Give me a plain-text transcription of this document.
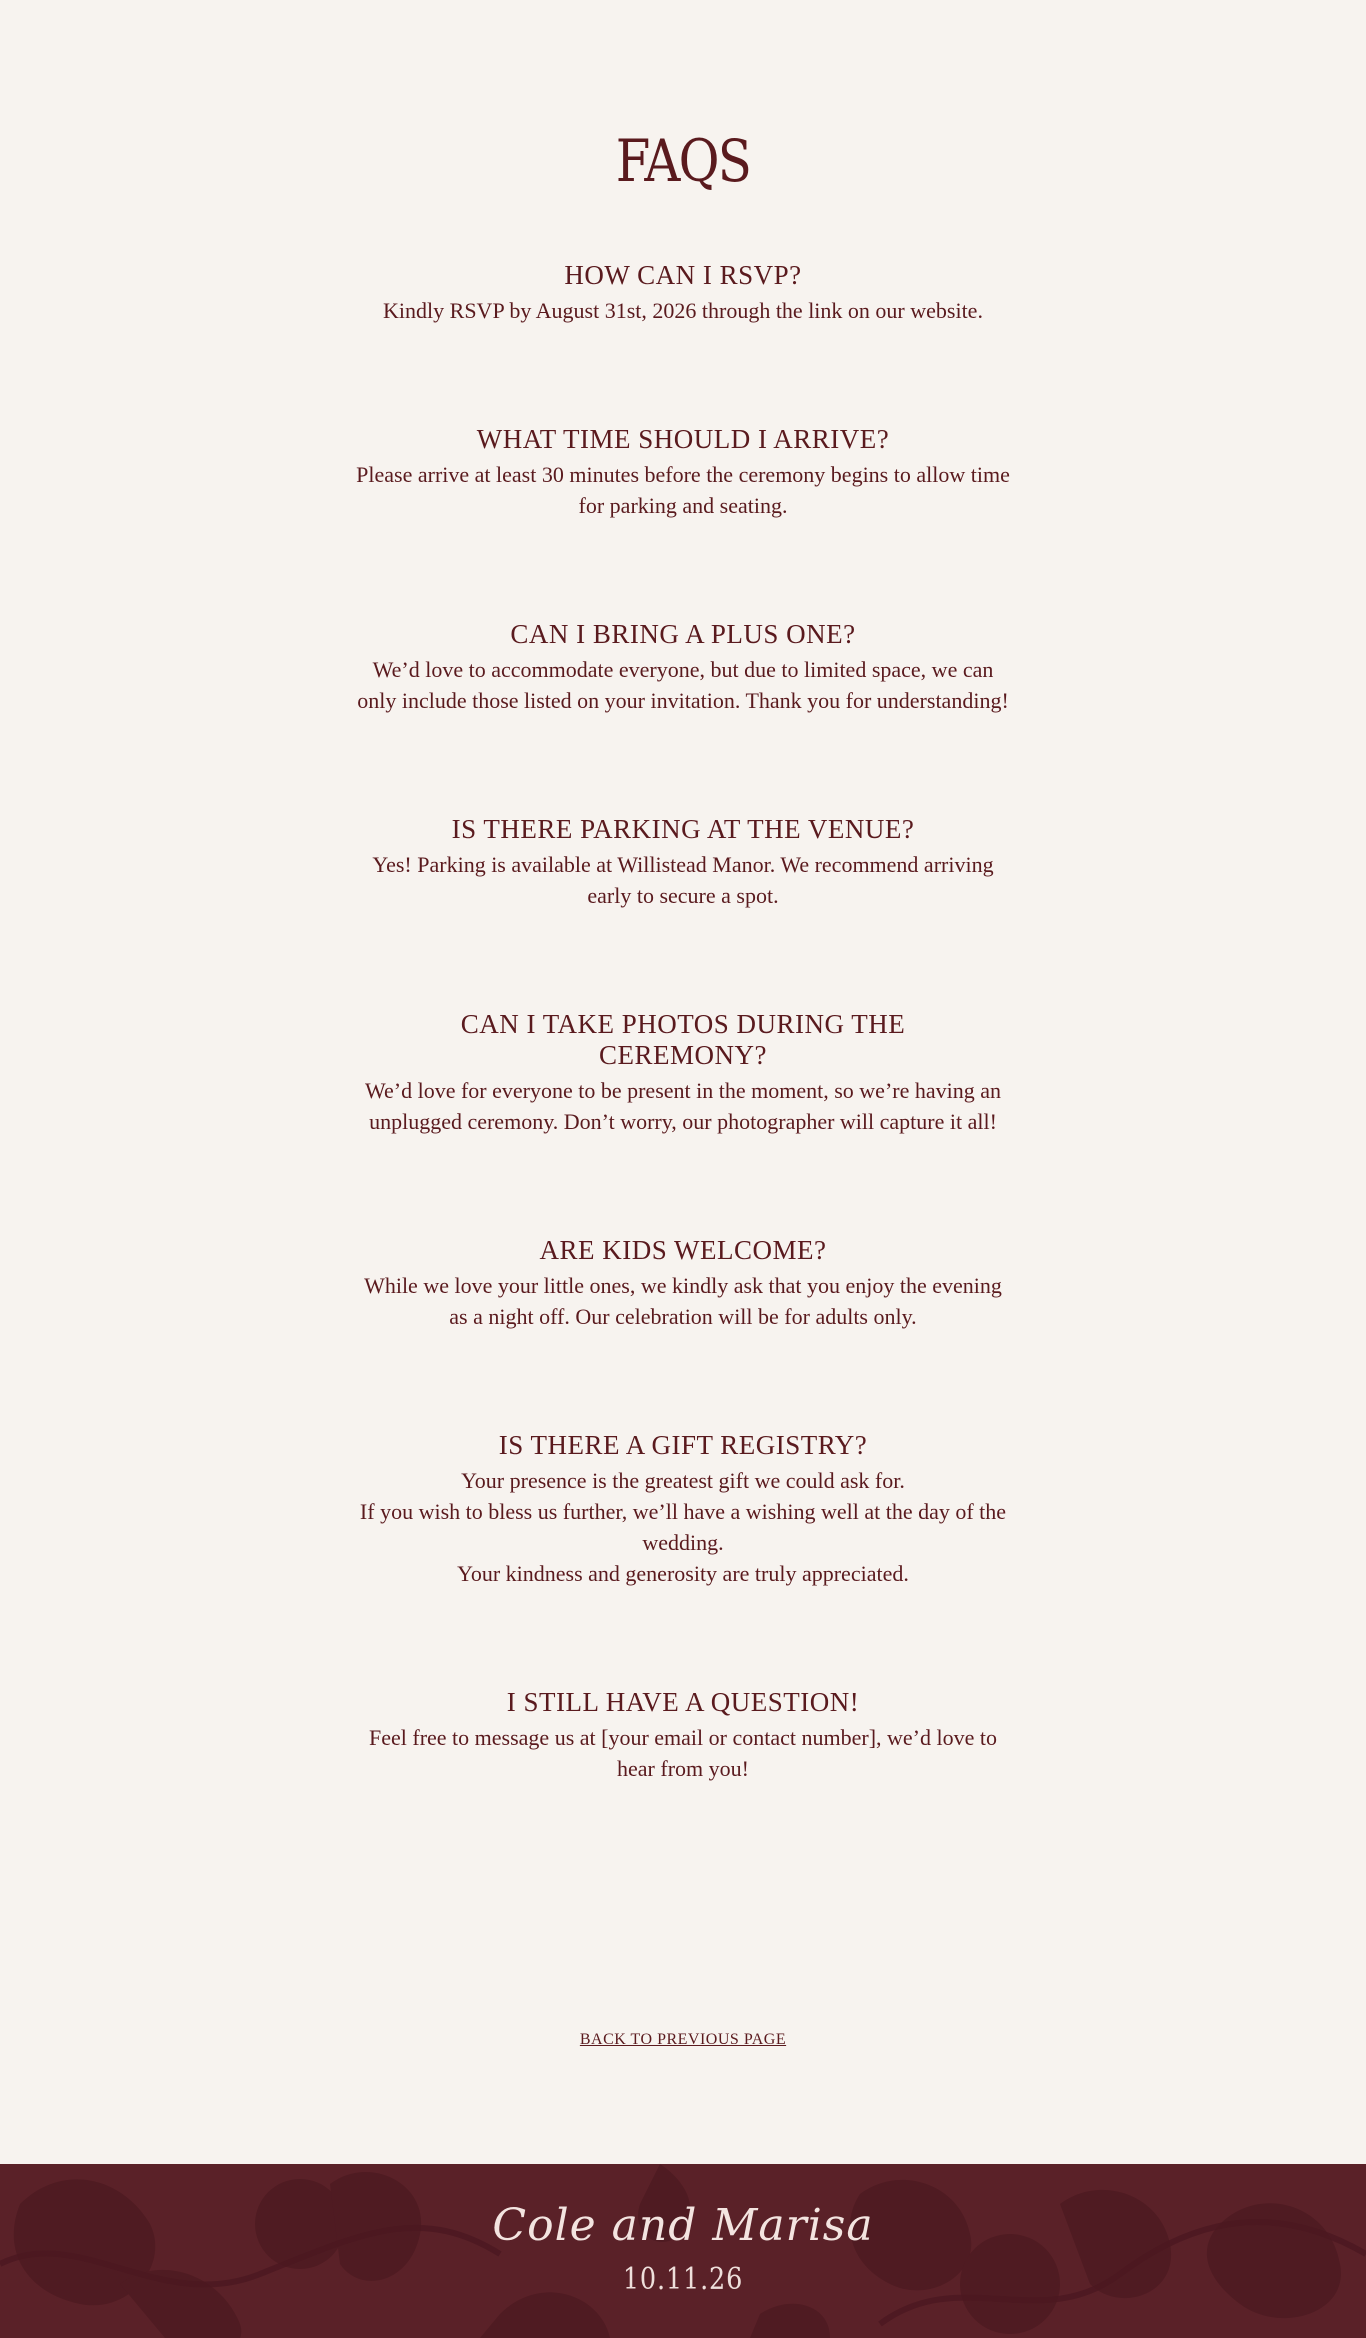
FAQS
HOW CAN I RSVP?

Kindly RSVP by August 31st, 2026 through the link on our website.

WHAT TIME SHOULD I ARRIVE?

Please arrive at least 30 minutes before the ceremony begins to allow time for parking and seating.

CAN I BRING A PLUS ONE?

We’d love to accommodate everyone, but due to limited space, we can only include those listed on your invitation. Thank you for understanding!

IS THERE PARKING AT THE VENUE?

Yes! Parking is available at Willistead Manor. We recommend arriving early to secure a spot.

CAN I TAKE PHOTOS DURING THE CEREMONY?

We’d love for everyone to be present in the moment, so we’re having an unplugged ceremony. Don’t worry, our photographer will capture it all!

ARE KIDS WELCOME?

While we love your little ones, we kindly ask that you enjoy the evening as a night off. Our celebration will be for adults only.

IS THERE A GIFT REGISTRY?

Your presence is the greatest gift we could ask for.
If you wish to bless us further, we’ll have a wishing well at the day of the wedding.
Your kindness and generosity are truly appreciated.

I STILL HAVE A QUESTION!

Feel free to message us at [your email or contact number], we’d love to hear from you!

BACK TO PREVIOUS PAGE
Cole and Marisa
10.11.26
